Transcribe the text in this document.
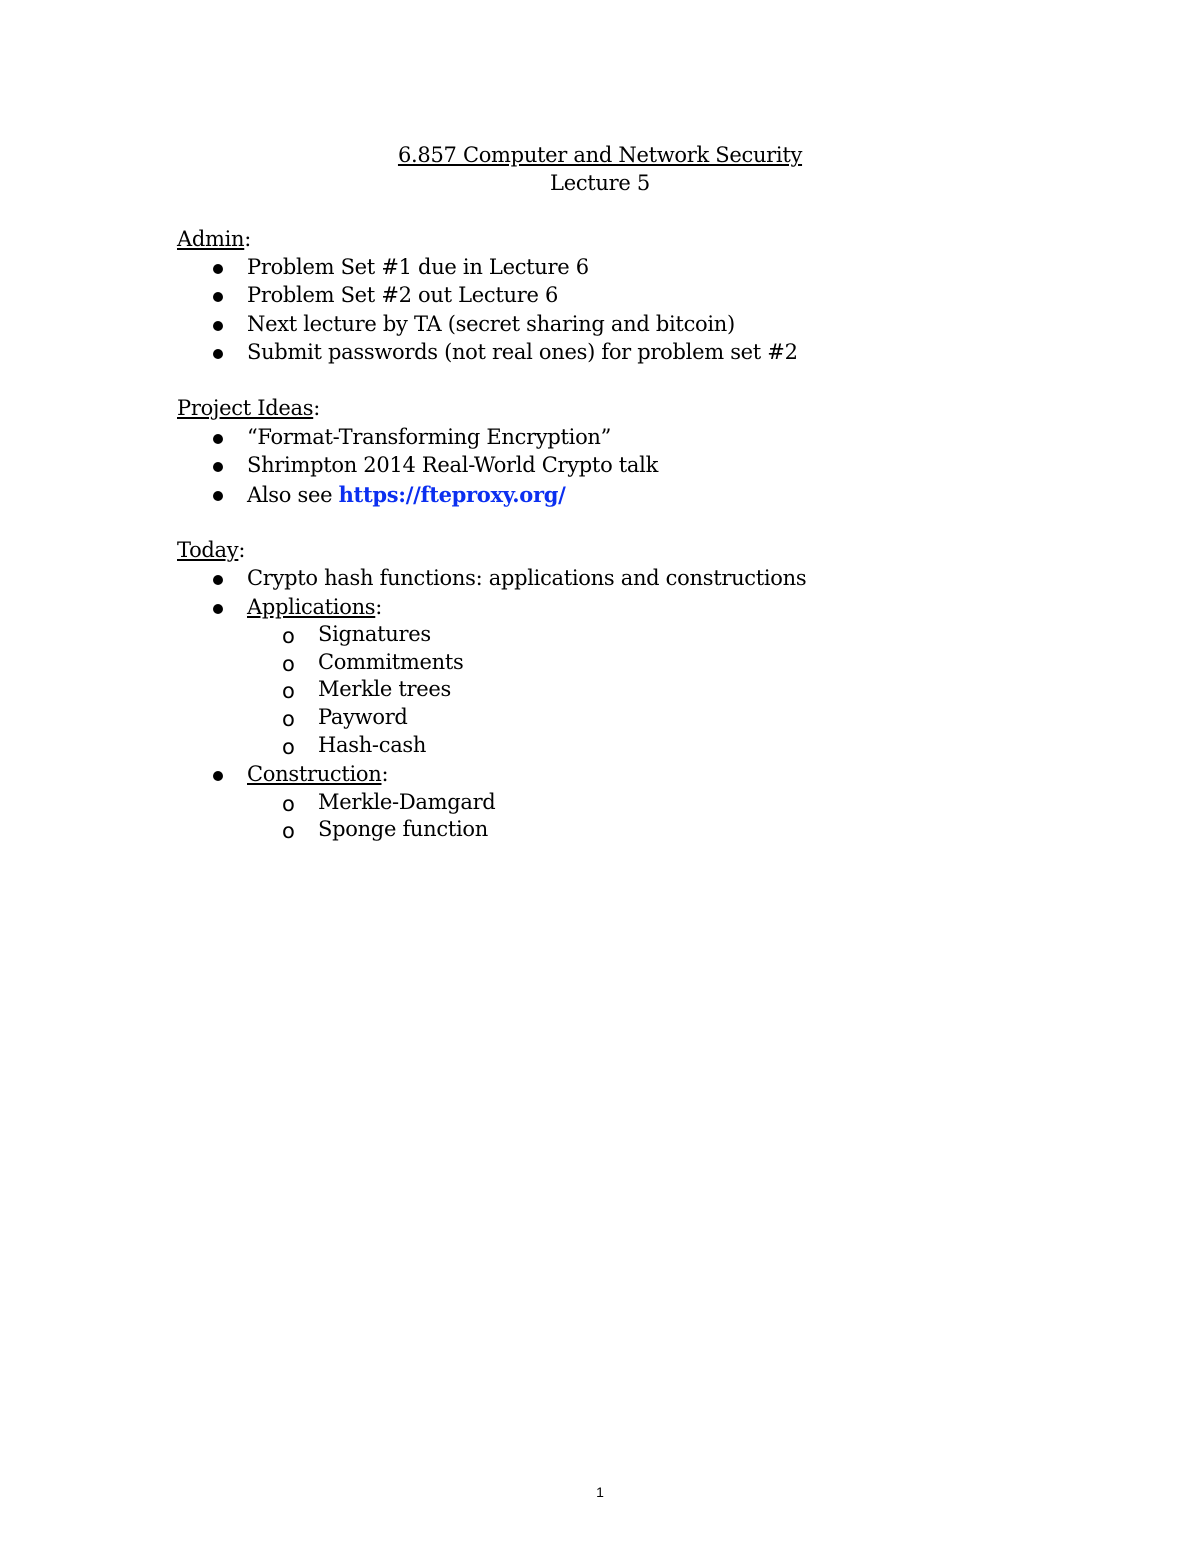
6.857 Computer and Network Security
Lecture 5
Admin:
Problem Set #1 due in Lecture 6
Problem Set #2 out Lecture 6
Next lecture by TA (secret sharing and bitcoin)
Submit passwords (not real ones) for problem set #2
Project Ideas:
“Format-Transforming Encryption”
Shrimpton 2014 Real-World Crypto talk
Also see https://fteproxy.org/
Today:
Crypto hash functions: applications and constructions
Applications:
o Signatures
o Commitments
o Merkle trees
o Payword
o Hash-cash
Construction:
o Merkle-Damgard
o Sponge function
1
